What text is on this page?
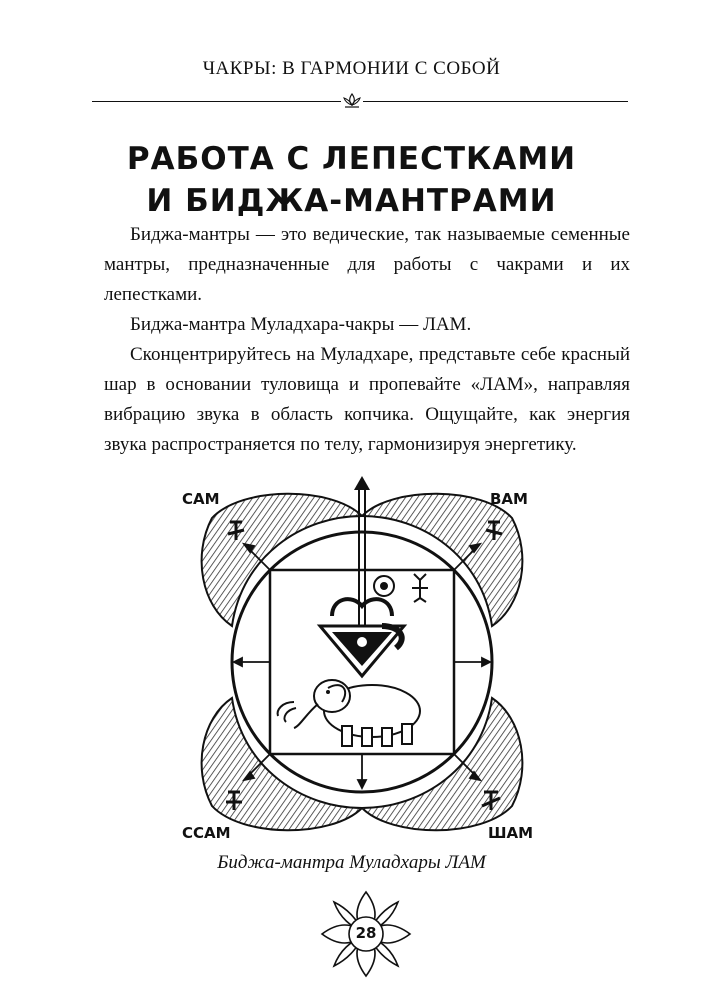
ЧАКРЫ: В ГАРМОНИИ С СОБОЙ
РАБОТА С ЛЕПЕСТКАМИ
И БИДЖА-МАНТРАМИ

Биджа-мантры — это ведические, так называемые семенные мантры, предназначенные для работы с чакрами и их лепестками.

Биджа-мантра Муладхара-чакры — ЛАМ.

Сконцентрируйтесь на Муладхаре, представьте себе красный шар в основании туловища и пропевайте «ЛАМ», направляя вибрацию звука в область копчика. Ощущайте, как энергия звука распространяется по телу, гармонизируя энергетику.

САМ	ВАМ
ССАМ	ШАМ
Биджа-мантра Муладхары ЛАМ
28
